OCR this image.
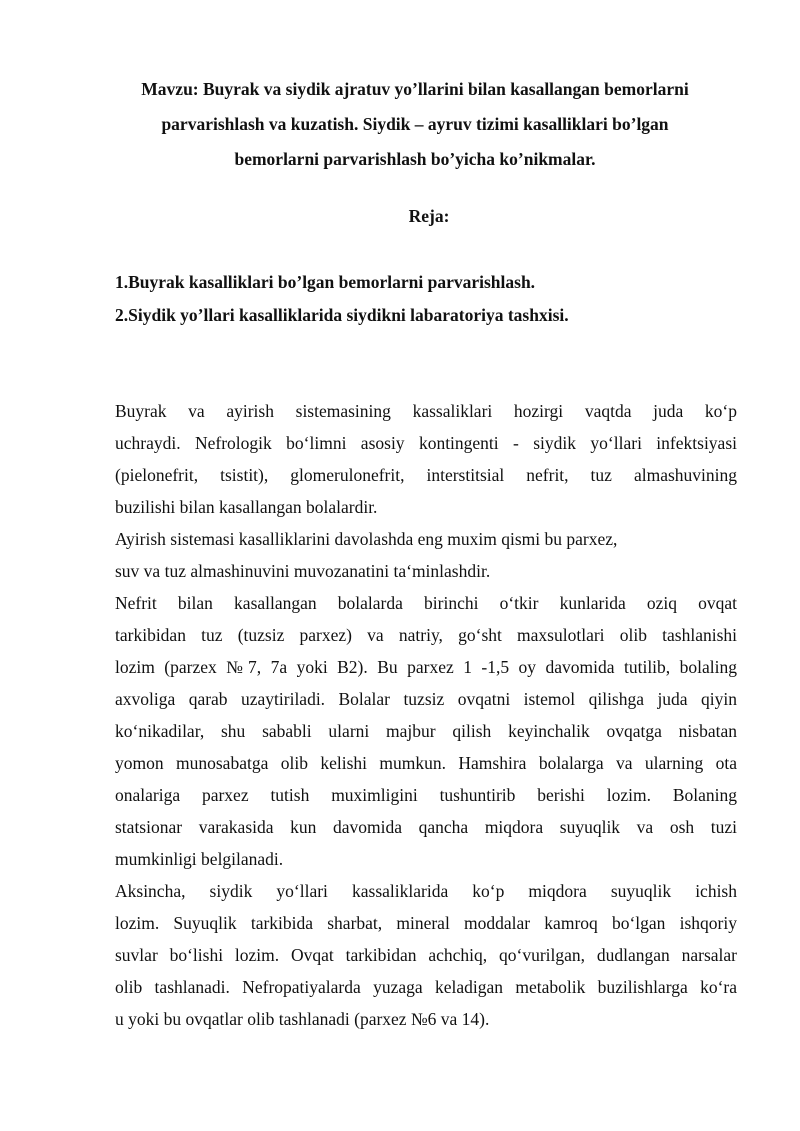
Mavzu: Buyrak va siydik ajratuv yo’llarini bilan kasallangan bemorlarni
parvarishlash va kuzatish. Siydik – ayruv tizimi kasalliklari bo’lgan
bemorlarni parvarishlash bo’yicha ko’nikmalar.
Reja:
1.Buyrak kasalliklari bo’lgan bemorlarni parvarishlash.
2.Siydik yo’llari kasalliklarida siydikni labaratoriya tashxisi.
Buyrak va ayirish sistemasining kassaliklari hozirgi vaqtda juda ko‘p
uchraydi. Nefrologik bo‘limni asosiy kontingenti - siydik yo‘llari infektsiyasi
(pielonefrit, tsistit), glomerulonefrit, interstitsial nefrit, tuz almashuvining
buzilishi bilan kasallangan bolalardir.
Ayirish sistemasi kasalliklarini davolashda eng muxim qismi bu parxez,
suv va tuz almashinuvini muvozanatini ta‘minlashdir.
Nefrit bilan kasallangan bolalarda birinchi o‘tkir kunlarida oziq ovqat
tarkibidan tuz (tuzsiz parxez) va natriy, go‘sht maxsulotlari olib tashlanishi
lozim (parzex №7, 7a yoki B2). Bu parxez 1 -1,5 oy davomida tutilib, bolaling
axvoliga qarab uzaytiriladi. Bolalar tuzsiz ovqatni istemol qilishga juda qiyin
ko‘nikadilar, shu sababli ularni majbur qilish keyinchalik ovqatga nisbatan
yomon munosabatga olib kelishi mumkun. Hamshira bolalarga va ularning ota
onalariga parxez tutish muximligini tushuntirib berishi lozim. Bolaning
statsionar varakasida kun davomida qancha miqdora suyuqlik va osh tuzi
mumkinligi belgilanadi.
Aksincha, siydik yo‘llari kassaliklarida ko‘p miqdora suyuqlik ichish
lozim. Suyuqlik tarkibida sharbat, mineral moddalar kamroq bo‘lgan ishqoriy
suvlar bo‘lishi lozim. Ovqat tarkibidan achchiq, qo‘vurilgan, dudlangan narsalar
olib tashlanadi. Nefropatiyalarda yuzaga keladigan metabolik buzilishlarga ko‘ra
u yoki bu ovqatlar olib tashlanadi (parxez №6 va 14).
